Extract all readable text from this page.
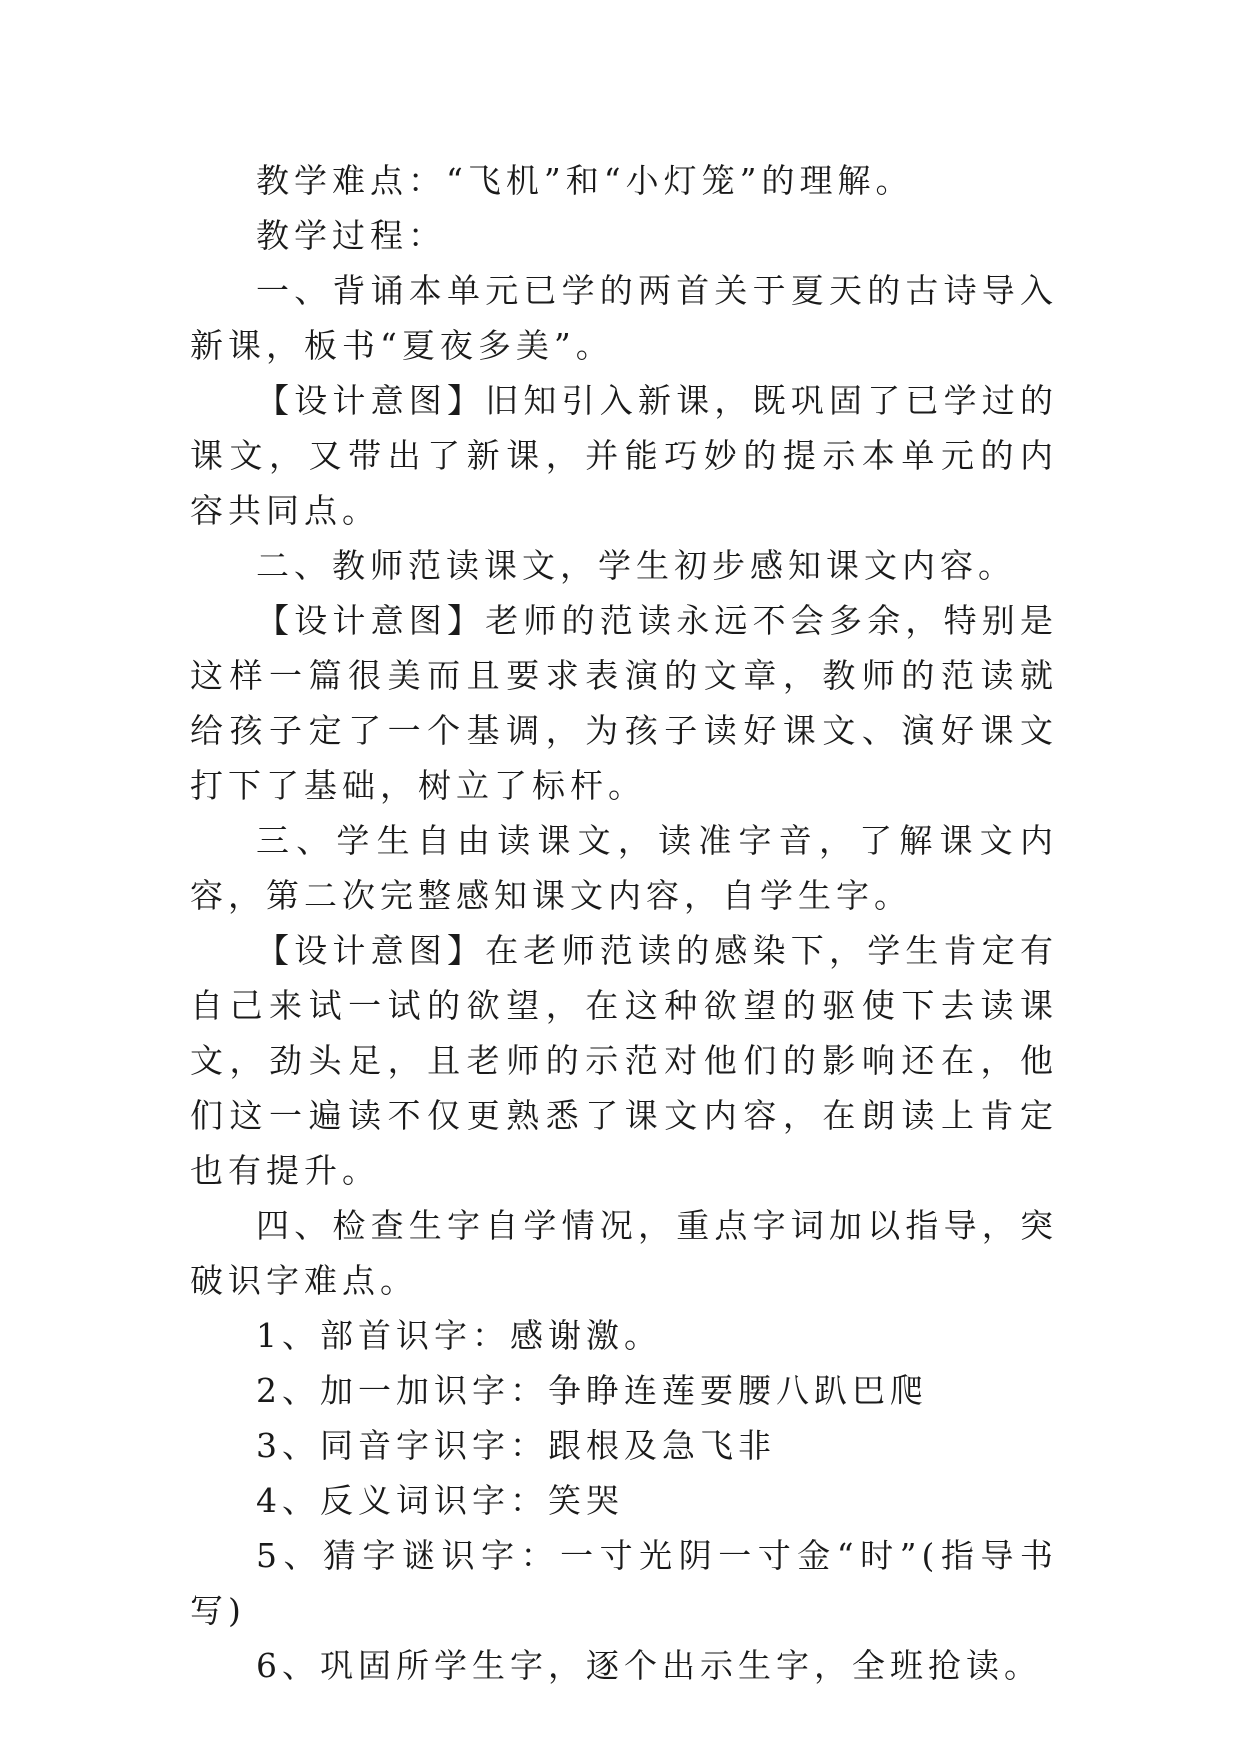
教学难点：“飞机”和“小灯笼”的理解。

教学过程：

一、背诵本单元已学的两首关于夏天的古诗导入新课，板书“夏夜多美”。

【设计意图】旧知引入新课，既巩固了已学过的课文，又带出了新课，并能巧妙的提示本单元的内容共同点。

二、教师范读课文，学生初步感知课文内容。

【设计意图】老师的范读永远不会多余，特别是这样一篇很美而且要求表演的文章，教师的范读就给孩子定了一个基调，为孩子读好课文、演好课文打下了基础，树立了标杆。

三、学生自由读课文，读准字音，了解课文内容，第二次完整感知课文内容，自学生字。

【设计意图】在老师范读的感染下，学生肯定有自己来试一试的欲望，在这种欲望的驱使下去读课文，劲头足，且老师的示范对他们的影响还在，他们这一遍读不仅更熟悉了课文内容，在朗读上肯定也有提升。

四、检查生字自学情况，重点字词加以指导，突破识字难点。

1、部首识字：感谢激。

2、加一加识字：争睁连莲要腰八趴巴爬

3、同音字识字：跟根及急飞非

4、反义词识字：笑哭

5、猜字谜识字：一寸光阴一寸金“时”(指导书写)

6、巩固所学生字，逐个出示生字，全班抢读。
